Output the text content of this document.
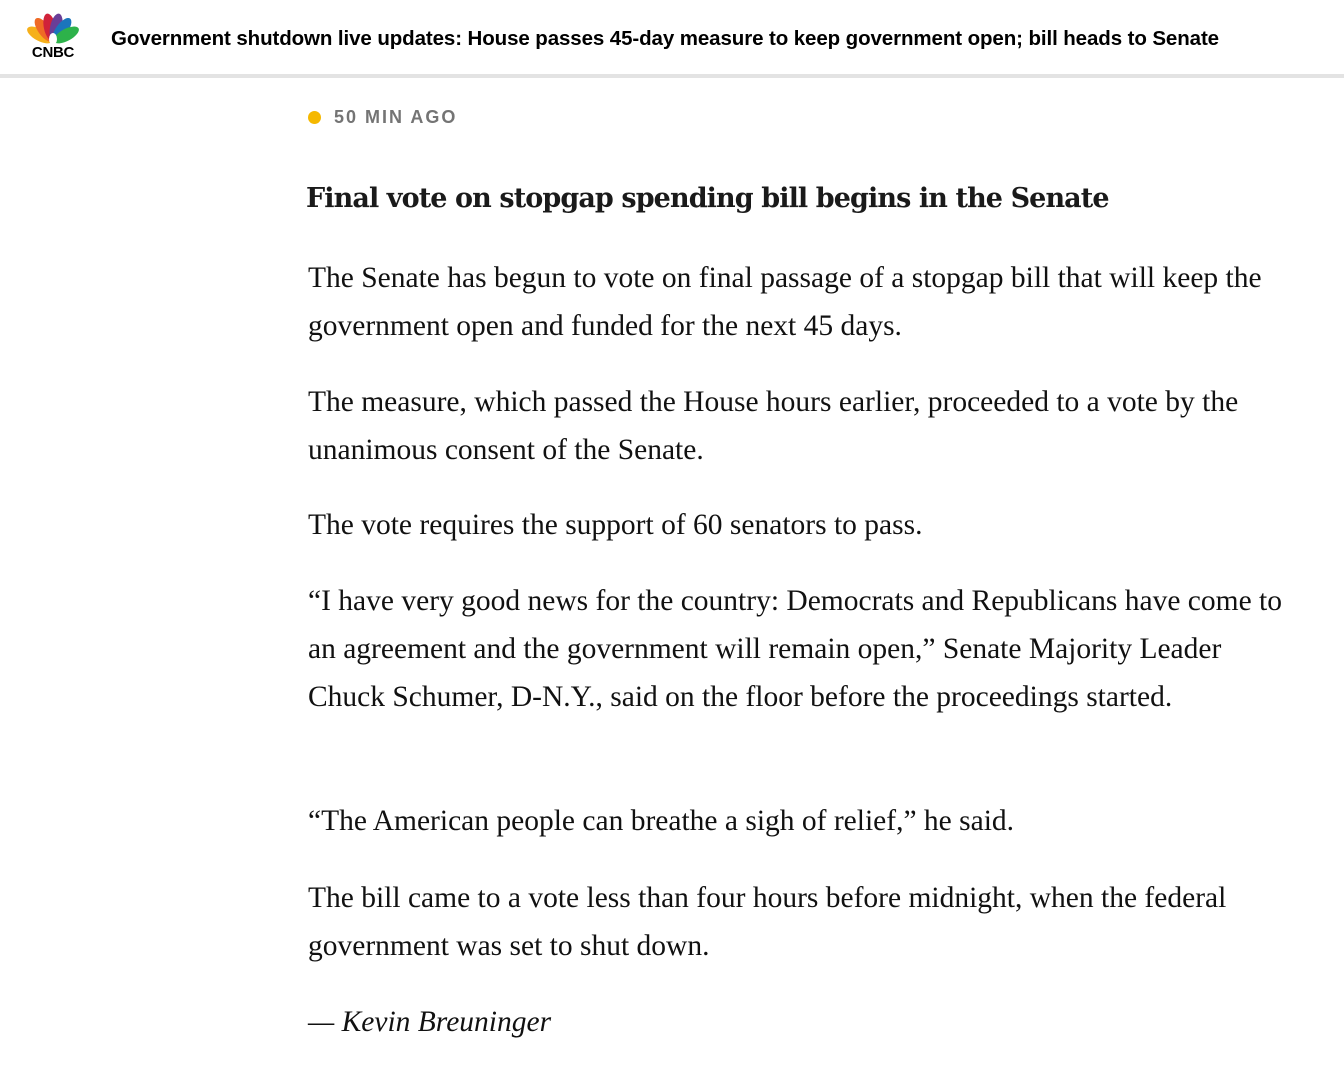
CNBC
Government shutdown live updates: House passes 45-day measure to keep government open; bill heads to Senate
50 MIN AGO
Final vote on stopgap spending bill begins in the Senate

The Senate has begun to vote on final passage of a stopgap bill that will keep the government open and funded for the next 45 days.

The measure, which passed the House hours earlier, proceeded to a vote by the unanimous consent of the Senate.

The vote requires the support of 60 senators to pass.

“I have very good news for the country: Democrats and Republicans have come to an agreement and the government will remain open,” Senate Majority Leader Chuck Schumer, D-N.Y., said on the floor before the proceedings started.

“The American people can breathe a sigh of relief,” he said.

The bill came to a vote less than four hours before midnight, when the federal government was set to shut down.

— Kevin Breuninger
